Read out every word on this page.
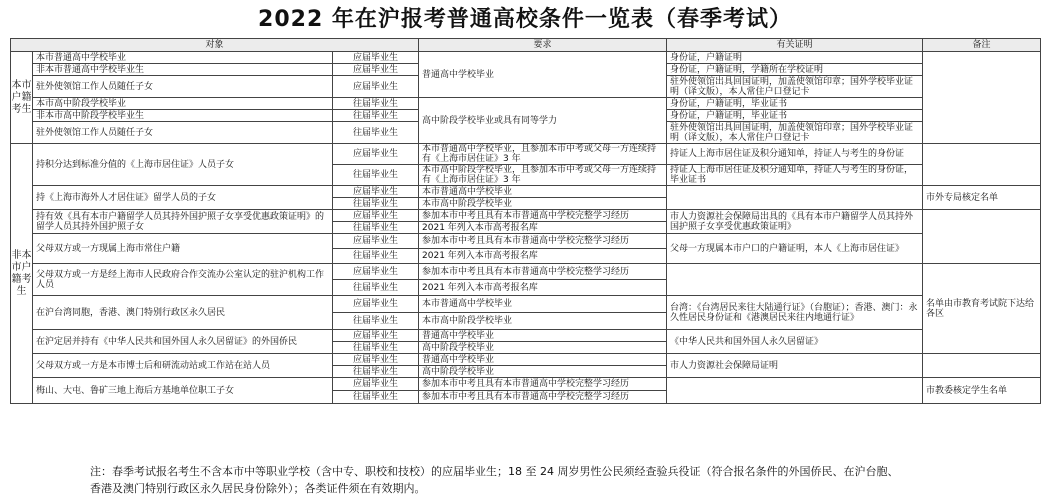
2022 年在沪报考普通高校条件一览表（春季考试）
对象			要求	有关证明	备注
本市户籍考生	本市普通高中学校毕业	应届毕业生	普通高中学校毕业	身份证，户籍证明	
	非本市普通高中学校毕业生	应届毕业生		身份证，户籍证明，学籍所在学校证明	
	驻外使领馆工作人员随任子女	应届毕业生		驻外使领馆出具回国证明，加盖使领馆印章；国外学校毕业证明（译文版），本人常住户口登记卡	
	本市高中阶段学校毕业	往届毕业生	高中阶段学校毕业或具有同等学力	身份证，户籍证明，毕业证书	
	非本市高中阶段学校毕业生	往届毕业生		身份证，户籍证明，毕业证书	
	驻外使领馆工作人员随任子女	往届毕业生		驻外使领馆出具回国证明，加盖使领馆印章；国外学校毕业证明（译文版），本人常住户口登记卡	
非本市户籍考生	持积分达到标准分值的《上海市居住证》人员子女	应届毕业生	本市普通高中学校毕业，且参加本市中考或父母一方连续持有《上海市居住证》3 年	持证人上海市居住证及积分通知单，持证人与考生的身份证	
		往届毕业生	本市高中阶段学校毕业，且参加本市中考或父母一方连续持有《上海市居住证》3 年	持证人上海市居住证及积分通知单，持证人与考生的身份证，毕业证书	
	持《上海市海外人才居住证》留学人员的子女	应届毕业生	本市普通高中学校毕业		市外专局核定名单
		往届毕业生	本市高中阶段学校毕业		
	持有效《具有本市户籍留学人员其持外国护照子女享受优惠政策证明》的留学人员其持外国护照子女	应届毕业生	参加本市中考且具有本市普通高中学校完整学习经历	市人力资源社会保障局出具的《具有本市户籍留学人员其持外国护照子女享受优惠政策证明》	
		往届毕业生	2021 年列入本市高考报名库		
	父母双方或一方现属上海市常住户籍	应届毕业生	参加本市中考且具有本市普通高中学校完整学习经历	父母一方现属本市户口的户籍证明，本人《上海市居住证》	
		往届毕业生	2021 年列入本市高考报名库		
	父母双方或一方是经上海市人民政府合作交流办公室认定的驻沪机构工作人员	应届毕业生	参加本市中考且具有本市普通高中学校完整学习经历		名单由市教育考试院下达给各区
		往届毕业生	2021 年列入本市高考报名库		
	在沪台湾同胞，香港、澳门特别行政区永久居民	应届毕业生	本市普通高中学校毕业	台湾：《台湾居民来往大陆通行证》（台胞证）；香港、澳门：永久性居民身份证和《港澳居民来往内地通行证》	
		往届毕业生	本市高中阶段学校毕业		
	在沪定居并持有《中华人民共和国外国人永久居留证》的外国侨民	应届毕业生	普通高中学校毕业	《中华人民共和国外国人永久居留证》	
		往届毕业生	高中阶段学校毕业		
	父母双方或一方是本市博士后和研流动站或工作站在站人员	应届毕业生	普通高中学校毕业	市人力资源社会保障局证明	
		往届毕业生	高中阶段学校毕业		
	梅山、大屯、鲁矿三地上海后方基地单位职工子女	应届毕业生	参加本市中考且具有本市普通高中学校完整学习经历		市教委核定学生名单
		往届毕业生	参加本市中考且具有本市普通高中学校完整学习经历		
注：春季考试报名考生不含本市中等职业学校（含中专、职校和技校）的应届毕业生；18 至 24 周岁男性公民须经查验兵役证（符合报名条件的外国侨民、在沪台胞、
香港及澳门特别行政区永久居民身份除外）；各类证件须在有效期内。
